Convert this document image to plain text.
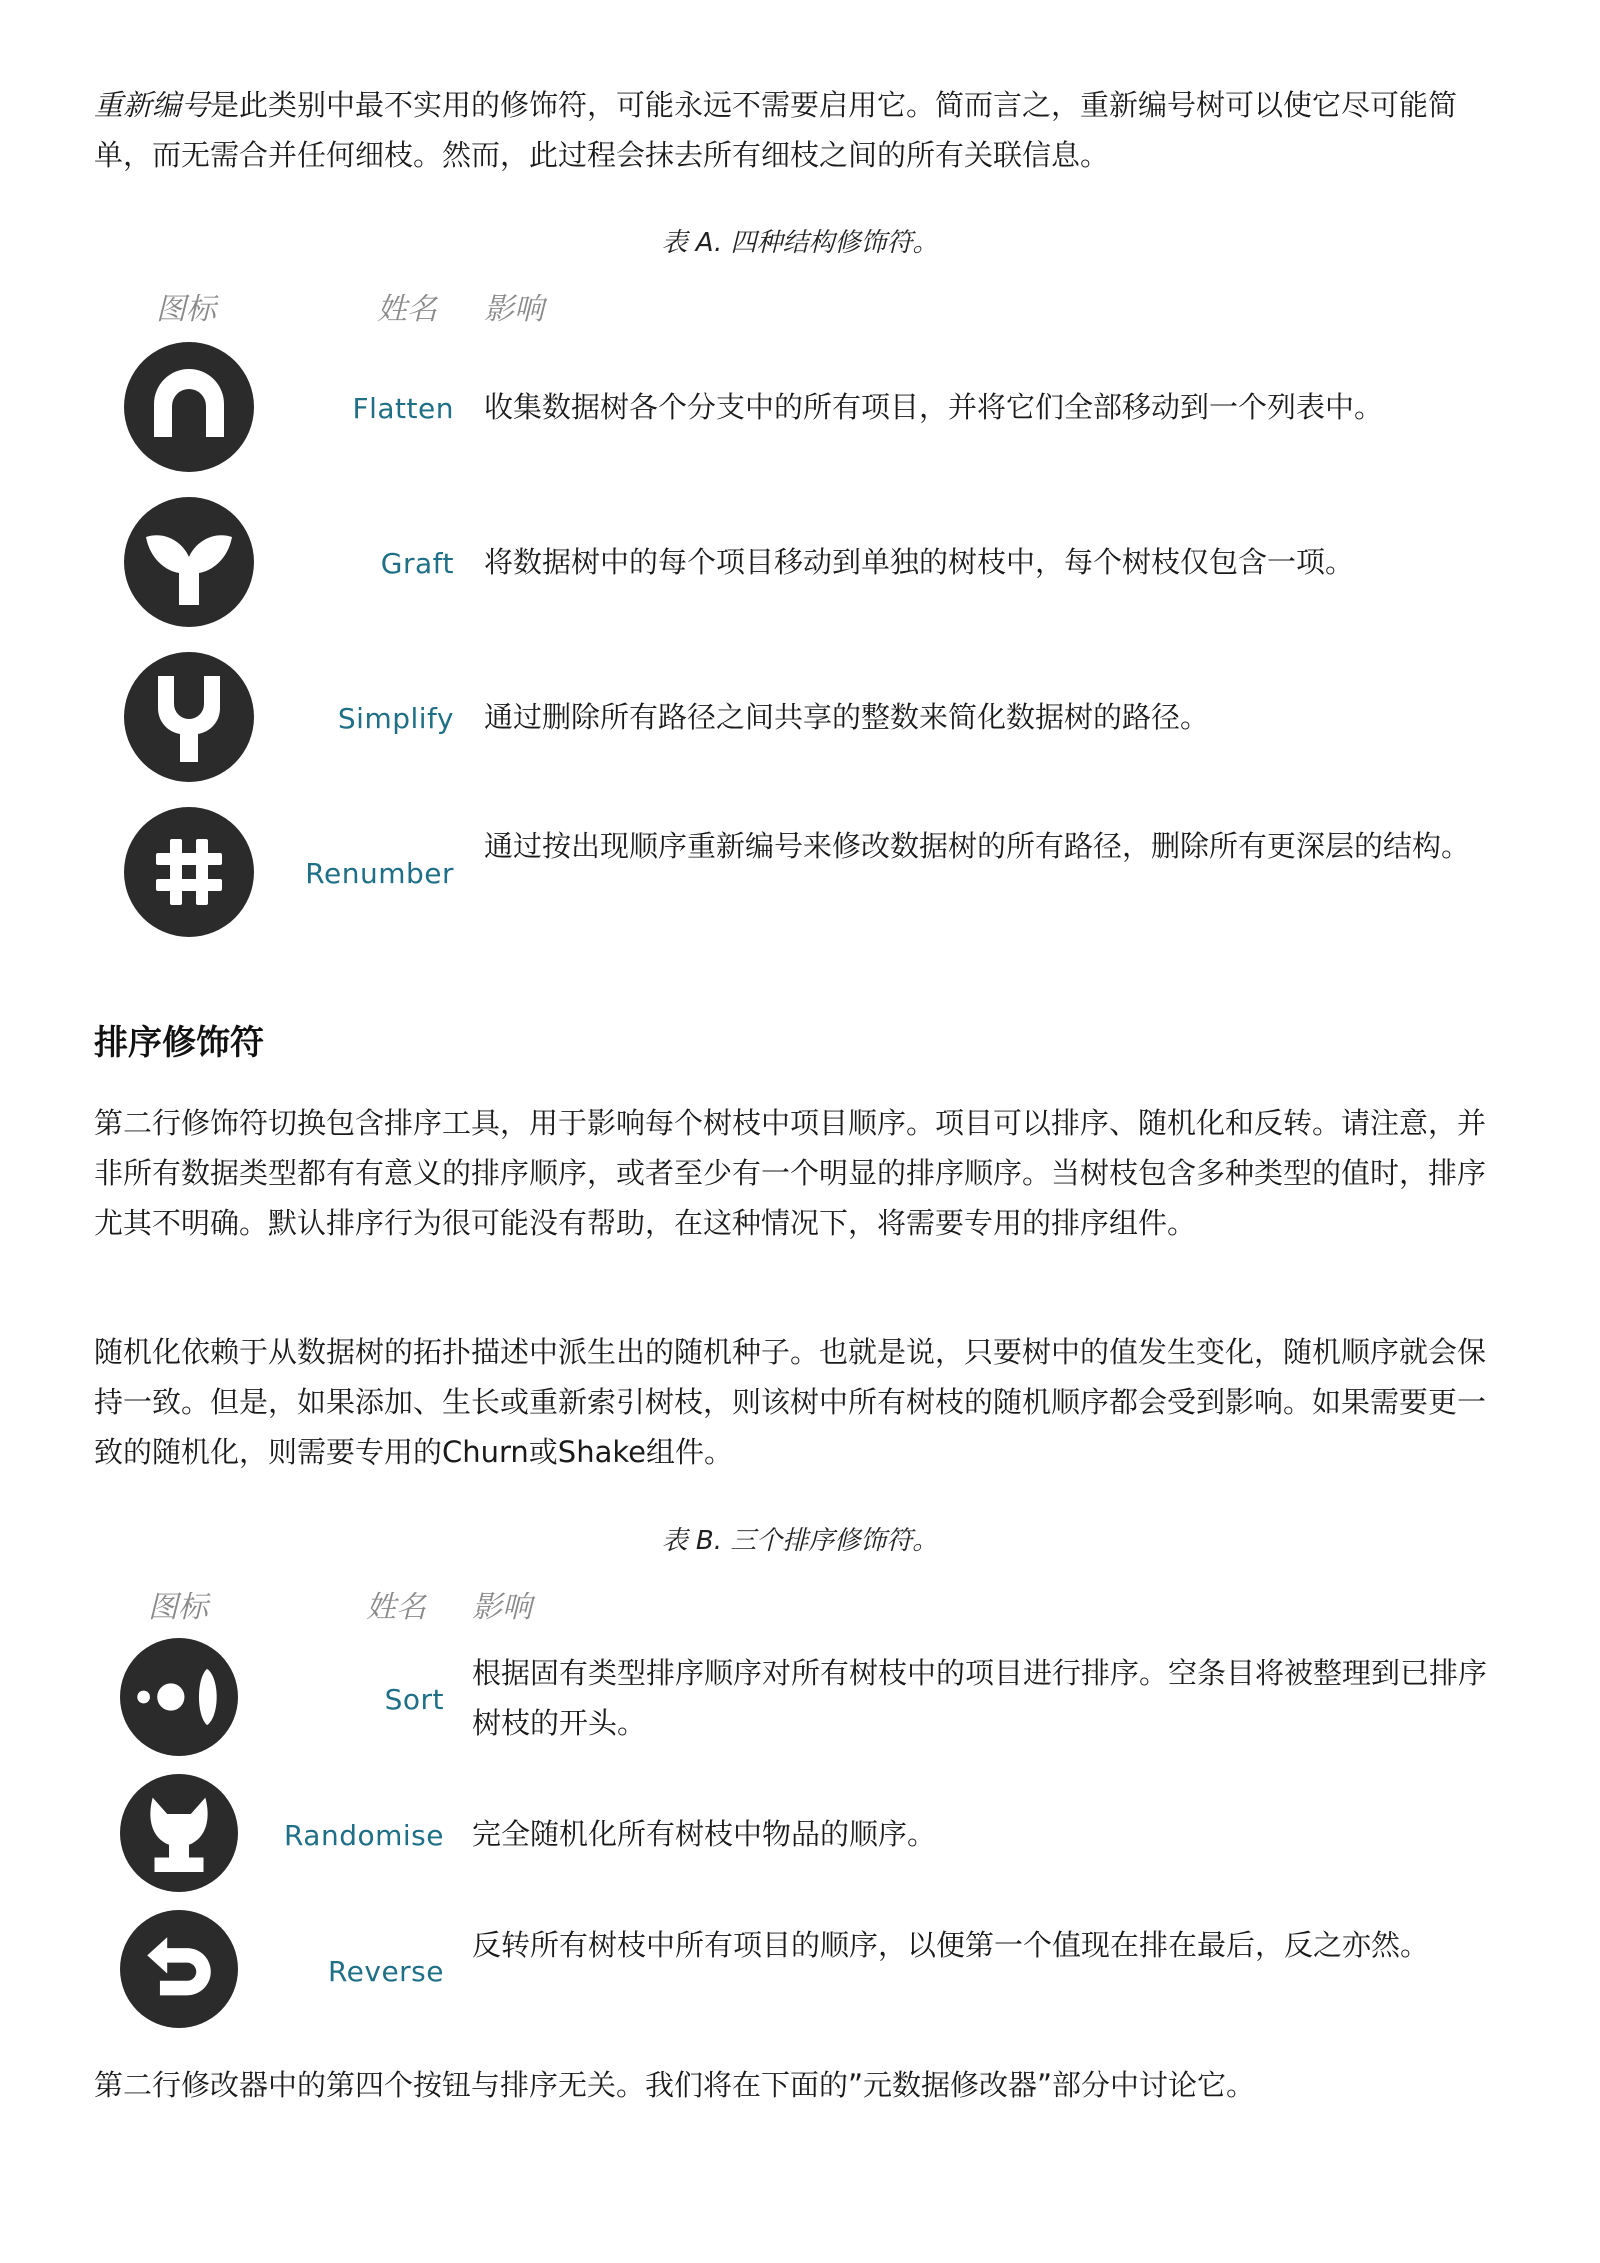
重新编号是此类别中最不实用的修饰符，可能永远不需要启用它。简而言之，重新编号树可以使它尽可能简单，而无需合并任何细枝。然而，此过程会抹去所有细枝之间的所有关联信息。

表 A. 四种结构修饰符。
图标	姓名 影响
Flatten 收集数据树各个分支中的所有项目，并将它们全部移动到一个列表中。
Graft 将数据树中的每个项目移动到单独的树枝中，每个树枝仅包含一项。
Simplify 通过删除所有路径之间共享的整数来简化数据树的路径。
Renumber
通过按出现顺序重新编号来修改数据树的所有路径，删除所有更深层的结构。
排序修饰符

第二行修饰符切换包含排序工具，用于影响每个树枝中项目顺序。项目可以排序、随机化和反转。请注意，并非所有数据类型都有有意义的排序顺序，或者至少有一个明显的排序顺序。当树枝包含多种类型的值时，排序尤其不明确。默认排序行为很可能没有帮助，在这种情况下，将需要专用的排序组件。

随机化依赖于从数据树的拓扑描述中派生出的随机种子。也就是说，只要树中的值发生变化，随机顺序就会保持一致。但是，如果添加、生长或重新索引树枝，则该树中所有树枝的随机顺序都会受到影响。如果需要更一致的随机化，则需要专用的Churn或Shake组件。

表 B. 三个排序修饰符。
图标	姓名 影响
Sort
根据固有类型排序顺序对所有树枝中的项目进行排序。空条目将被整理到已排序树枝的开头。
Randomise 完全随机化所有树枝中物品的顺序。
Reverse
反转所有树枝中所有项目的顺序，以便第一个值现在排在最后，反之亦然。

第二行修改器中的第四个按钮与排序无关。我们将在下面的”元数据修改器”部分中讨论它。
